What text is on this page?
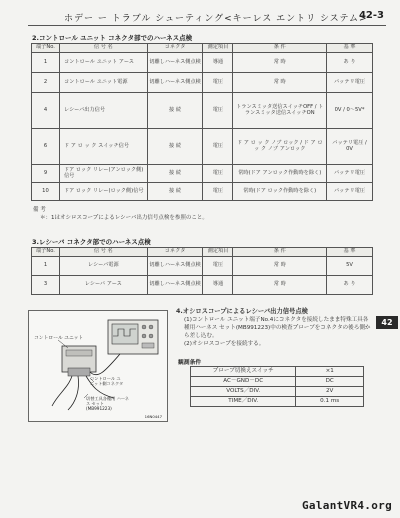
ホデー ー トラブル シューティング<キーレス エントリ システム>
42-3
2.コントロール ユニット コネクタ部でのハーネス点検
端子No.	信 号 名	コネクタ	測定項目	条 件	基 準
1	コントロール ユニット アース	切離しハーネス側点検	導通	常 時	あ り
2	コントロール ユニット電源	切離しハーネス側点検	電圧	常 時	バッテリ電圧
4	レシーバ出力信号	接 続	電圧	トランスミッタ送信スイッチOFF / トランスミッタ送信スイッチON	0V / 0～5V*
6	ド ア ロ ッ ク スイッチ信号	接 続	電圧	ド ア ロ ッ ク ノブ ロック / ド ア ロ ッ ク ノブ アンロック	バッテリ電圧 / 0V
9	ドア ロック リレー(アンロック側)信号	接 続	電圧	常時(ドア アンロック作動時を除く)	バッテリ電圧
10	ドア ロック リレー(ロック側)信号	接 続	電圧	常時(ドア ロック作動時を除く)	バッテリ電圧
備 考
＊：1はオシロスコープによるレシーバ出力信号点検を参照のこと。
3.レシーバ コネクタ部でのハーネス点検
端子No.	信 号 名	コネクタ	測定項目	条 件	基 準
1	レシーバ電源	切離しハーネス側点検	電圧	常 時	5V
3	レシーバ アース	切離しハーネス側点検	導通	常 時	あ り
コントロール ユニット
コントロール ユニット側コネクタ
切替工具各種用 ハーネス セット (MB991223)
16N0447
4.オシロスコープによるレシーバ出力信号点検
(1)コントロール ユニット端子No.4にコネクタを接続したまま特殊工具各種用ハーネス セット(MB991223)中の検査プローブをコネクタの後ろ側から差し込む。
(2)オシロスコープを接続する。
観測条件
プローブ切換えスイッチ	×1
AC－GND－DC	DC
VOLTS／DIV.	2V
TIME／DIV.	0.1 ms
42
GalantVR4.org
